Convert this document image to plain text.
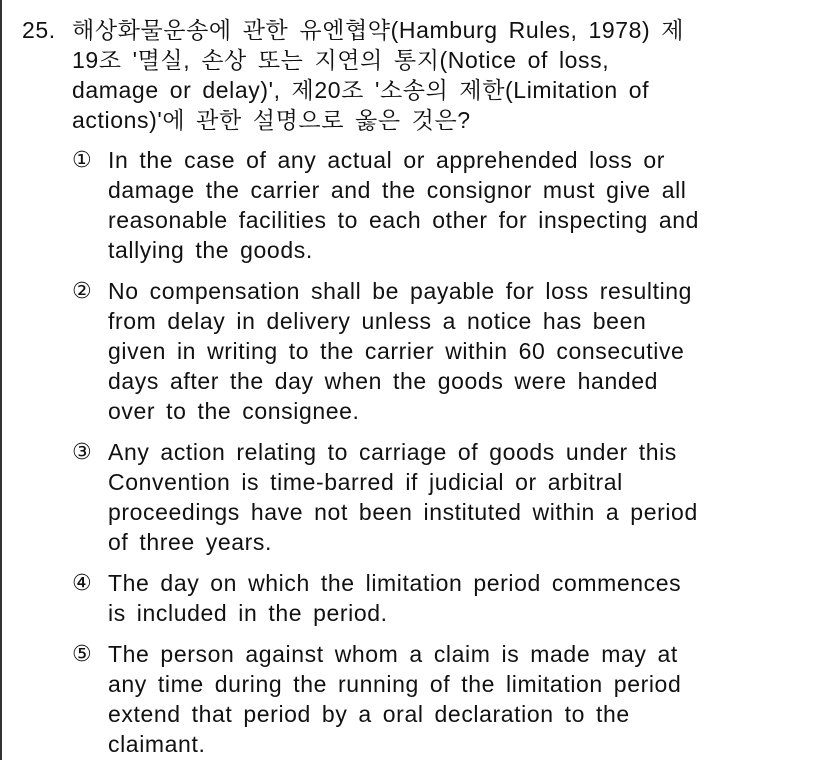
25. 해상화물운송에 관한 유엔협약(Hamburg Rules, 1978) 제
19조 '멸실, 손상 또는 지연의 통지(Notice of loss,
damage or delay)', 제20조 '소송의 제한(Limitation of
actions)'에 관한 설명으로 옳은 것은?
① In the case of any actual or apprehended loss or
damage the carrier and the consignor must give all
reasonable facilities to each other for inspecting and
tallying the goods.
② No compensation shall be payable for loss resulting
from delay in delivery unless a notice has been
given in writing to the carrier within 60 consecutive
days after the day when the goods were handed
over to the consignee.
③ Any action relating to carriage of goods under this
Convention is time-barred if judicial or arbitral
proceedings have not been instituted within a period
of three years.
④ The day on which the limitation period commences
is included in the period.
⑤ The person against whom a claim is made may at
any time during the running of the limitation period
extend that period by a oral declaration to the
claimant.
